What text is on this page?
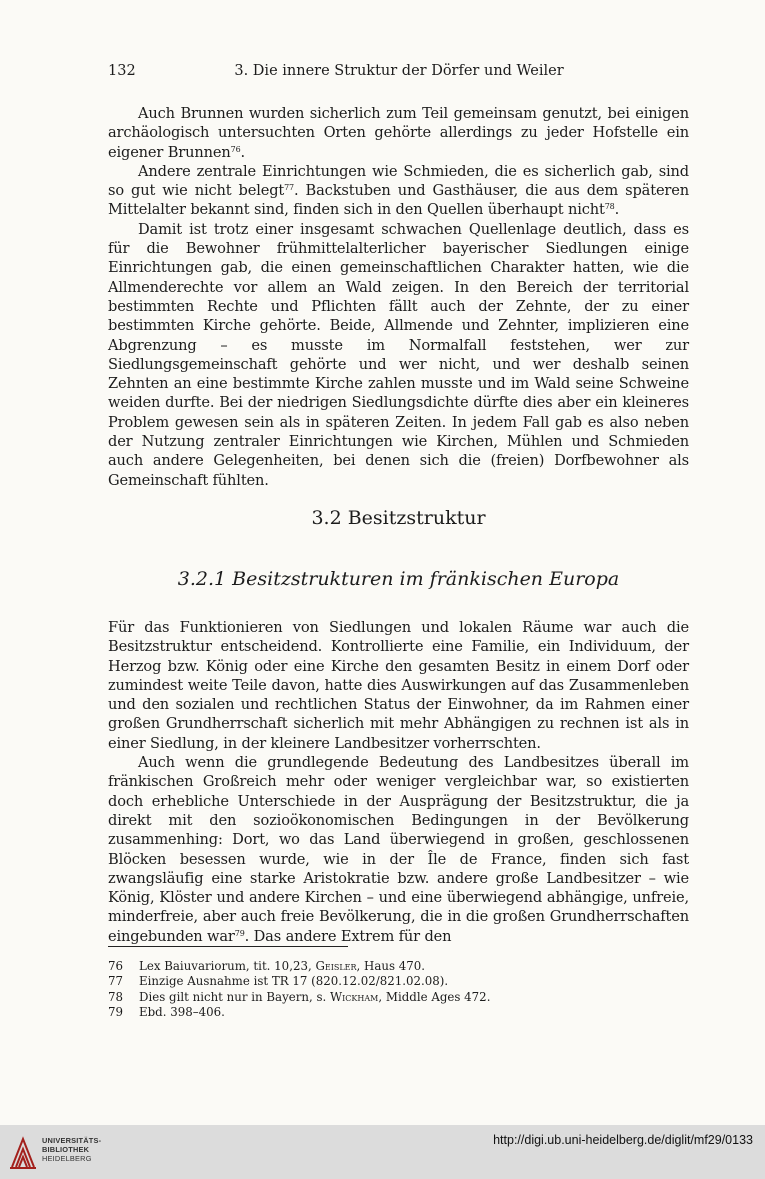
132	3. Die innere Struktur der Dörfer und Weiler

Auch Brunnen wurden sicherlich zum Teil gemeinsam genutzt, bei einigen archäologisch untersuchten Orten gehörte allerdings zu jeder Hofstelle ein eigener Brunnen$^{76}$.

Andere zentrale Einrichtungen wie Schmieden, die es sicherlich gab, sind so gut wie nicht belegt$^{77}$. Backstuben und Gasthäuser, die aus dem späteren Mittelalter bekannt sind, finden sich in den Quellen überhaupt nicht$^{78}$.

Damit ist trotz einer insgesamt schwachen Quellenlage deutlich, dass es für die Bewohner frühmittelalterlicher bayerischer Siedlungen einige Einrichtungen gab, die einen gemeinschaftlichen Charakter hatten, wie die Allmenderechte vor allem an Wald zeigen. In den Bereich der territorial bestimmten Rechte und Pflichten fällt auch der Zehnte, der zu einer bestimmten Kirche gehörte. Beide, Allmende und Zehnter, implizieren eine Abgrenzung – es musste im Normalfall feststehen, wer zur Siedlungsgemeinschaft gehörte und wer nicht, und wer deshalb seinen Zehnten an eine bestimmte Kirche zahlen musste und im Wald seine Schweine weiden durfte. Bei der niedrigen Siedlungsdichte dürfte dies aber ein kleineres Problem gewesen sein als in späteren Zeiten. In jedem Fall gab es also neben der Nutzung zentraler Einrichtungen wie Kirchen, Mühlen und Schmieden auch andere Gelegenheiten, bei denen sich die (freien) Dorfbewohner als Gemeinschaft fühlten.

3.2 Besitzstruktur
3.2.1 Besitzstrukturen im fränkischen Europa

Für das Funktionieren von Siedlungen und lokalen Räume war auch die Besitzstruktur entscheidend. Kontrollierte eine Familie, ein Individuum, der Herzog bzw. König oder eine Kirche den gesamten Besitz in einem Dorf oder zumindest weite Teile davon, hatte dies Auswirkungen auf das Zusammenleben und den sozialen und rechtlichen Status der Einwohner, da im Rahmen einer großen Grundherrschaft sicherlich mit mehr Abhängigen zu rechnen ist als in einer Siedlung, in der kleinere Landbesitzer vorherrschten.

Auch wenn die grundlegende Bedeutung des Landbesitzes überall im fränkischen Großreich mehr oder weniger vergleichbar war, so existierten doch erhebliche Unterschiede in der Ausprägung der Besitzstruktur, die ja direkt mit den sozioökonomischen Bedingungen in der Bevölkerung zusammenhing: Dort, wo das Land überwiegend in großen, geschlossenen Blöcken besessen wurde, wie in der Île de France, finden sich fast zwangsläufig eine starke Aristokratie bzw. andere große Landbesitzer – wie König, Klöster und andere Kirchen – und eine überwiegend abhängige, unfreie, minderfreie, aber auch freie Bevölkerung, die in die großen Grundherrschaften eingebunden war$^{79}$. Das andere Extrem für den

76	Lex Baiuvariorum, tit. 10,23, Geisler, Haus 470.
77	Einzige Ausnahme ist TR 17 (820.12.02/821.02.08).
78	Dies gilt nicht nur in Bayern, s. Wickham, Middle Ages 472.
79	Ebd. 398–406.
UNIVERSITÄTS-
BIBLIOTHEK
HEIDELBERG
http://digi.ub.uni-heidelberg.de/diglit/mf29/0133
